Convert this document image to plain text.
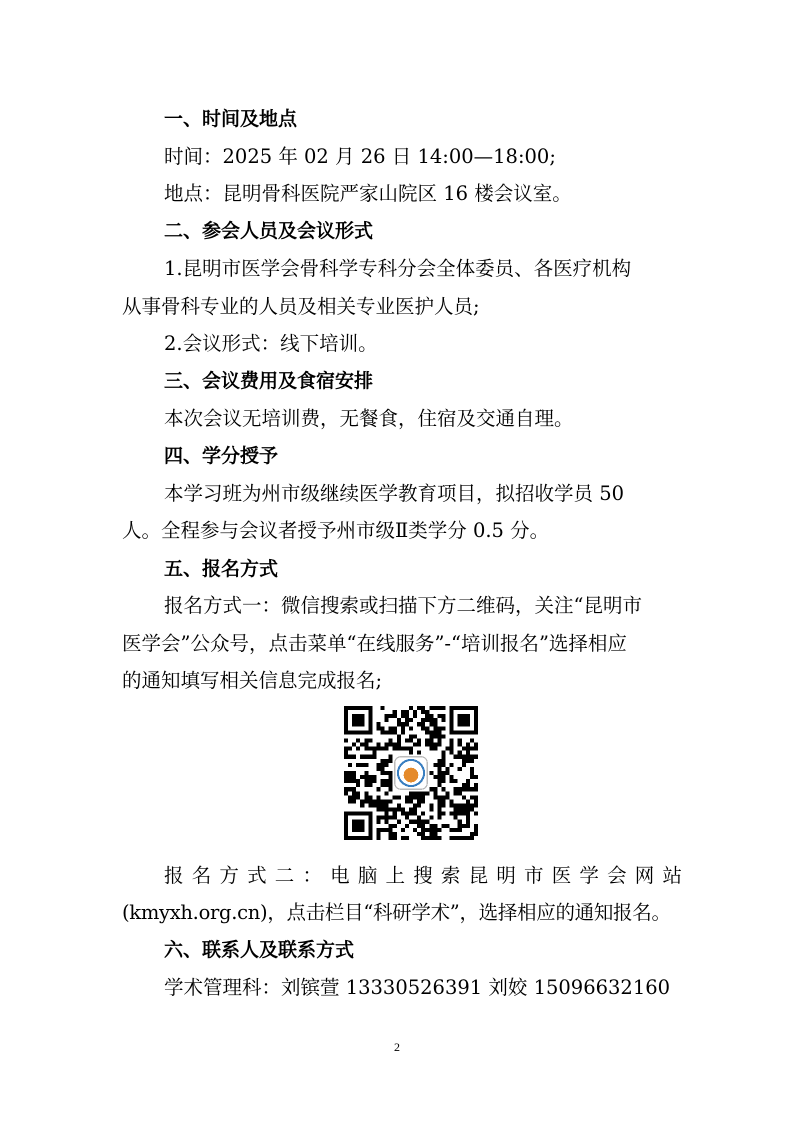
一、时间及地点
时间：2025 年 02 月 26 日 14:00—18:00;
地点：昆明骨科医院严家山院区 16 楼会议室。
二、参会人员及会议形式
1.昆明市医学会骨科学专科分会全体委员、各医疗机构
从事骨科专业的人员及相关专业医护人员;
2.会议形式：线下培训。
三、会议费用及食宿安排
本次会议无培训费，无餐食，住宿及交通自理。
四、学分授予
本学习班为州市级继续医学教育项目，拟招收学员 50
人。全程参与会议者授予州市级Ⅱ类学分 0.5 分。
五、报名方式
报名方式一：微信搜索或扫描下方二维码，关注“昆明市
医学会”公众号，点击菜单“在线服务”-“培训报名”选择相应
的通知填写相关信息完成报名;
报名方式二：电脑上搜索昆明市医学会网站
(kmyxh.org.cn)，点击栏目“科研学术”，选择相应的通知报名。
六、联系人及联系方式
学术管理科：刘镔萱 13330526391 刘姣 15096632160
2
